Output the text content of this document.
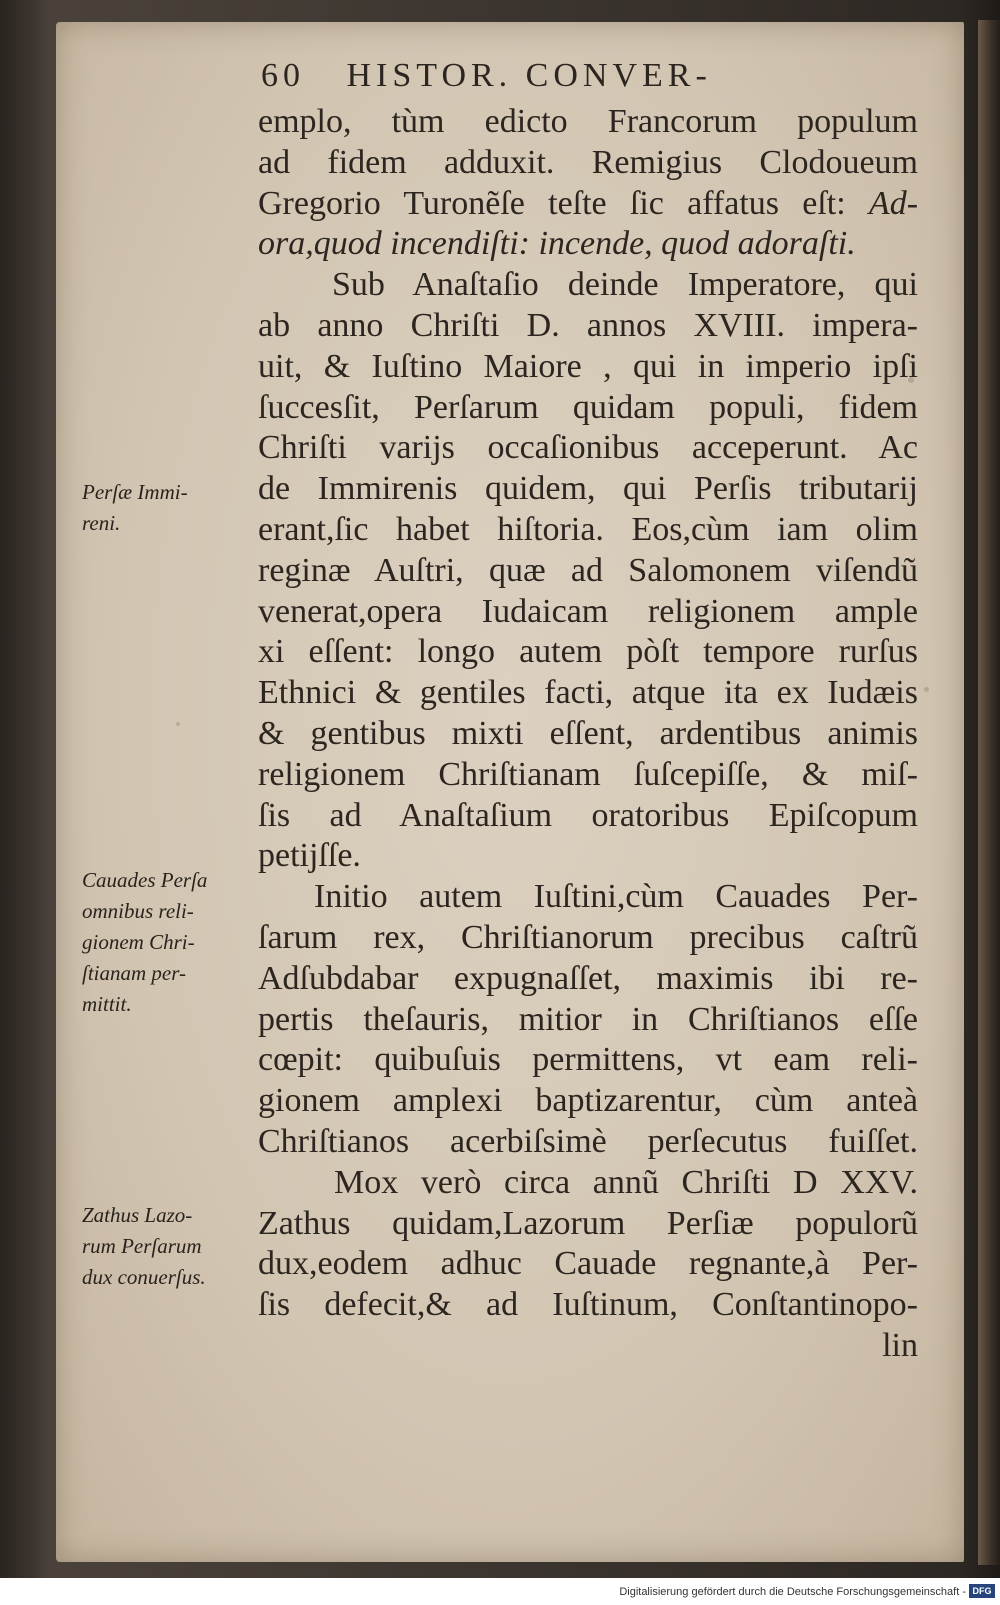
60 HISTOR. CONVER-
emplo, tùm edicto Francorum populum
ad fidem adduxit. Remigius Clodoueum
Gregorio Turonẽſe teſte ſic affatus eſt: Ad-
ora,quod incendiſti: incende, quod adoraſti.
Sub Anaſtaſio deinde Imperatore, qui
ab anno Chriſti D. annos XVIII. impera-
uit, & Iuſtino Maiore , qui in imperio ipſi
ſuccesſit, Perſarum quidam populi, fidem
Chriſti varijs occaſionibus acceperunt. Ac
de Immirenis quidem, qui Perſis tributarij
erant,ſic habet hiſtoria. Eos,cùm iam olim
reginæ Auſtri, quæ ad Salomonem viſendũ
venerat,opera Iudaicam religionem ample
xi eſſent: longo autem pòſt tempore rurſus
Ethnici & gentiles facti, atque ita ex Iudæis
& gentibus mixti eſſent, ardentibus animis
religionem Chriſtianam ſuſcepiſſe, & miſ-
ſis ad Anaſtaſium oratoribus Epiſcopum
petijſſe.
Initio autem Iuſtini,cùm Cauades Per-
ſarum rex, Chriſtianorum precibus caſtrũ
Adſubdabar expugnaſſet, maximis ibi re-
pertis theſauris, mitior in Chriſtianos eſſe
cœpit: quibuſuis permittens, vt eam reli-
gionem amplexi baptizarentur, cùm anteà
Chriſtianos acerbiſsimè perſecutus fuiſſet.
Mox verò circa annũ Chriſti D XXV.
Zathus quidam,Lazorum Perſiæ populorũ
dux,eodem adhuc Cauade regnante,à Per-
ſis defecit,& ad Iuſtinum, Conſtantinopo-
lin
Perſæ Immi-
reni.
Cauades Perſa
omnibus reli-
gionem Chri-
ſtianam per-
mittit.
Zathus Lazo-
rum Perſarum
dux conuerſus.
Digitalisierung gefördert durch die Deutsche Forschungsgemeinschaft - DFG
